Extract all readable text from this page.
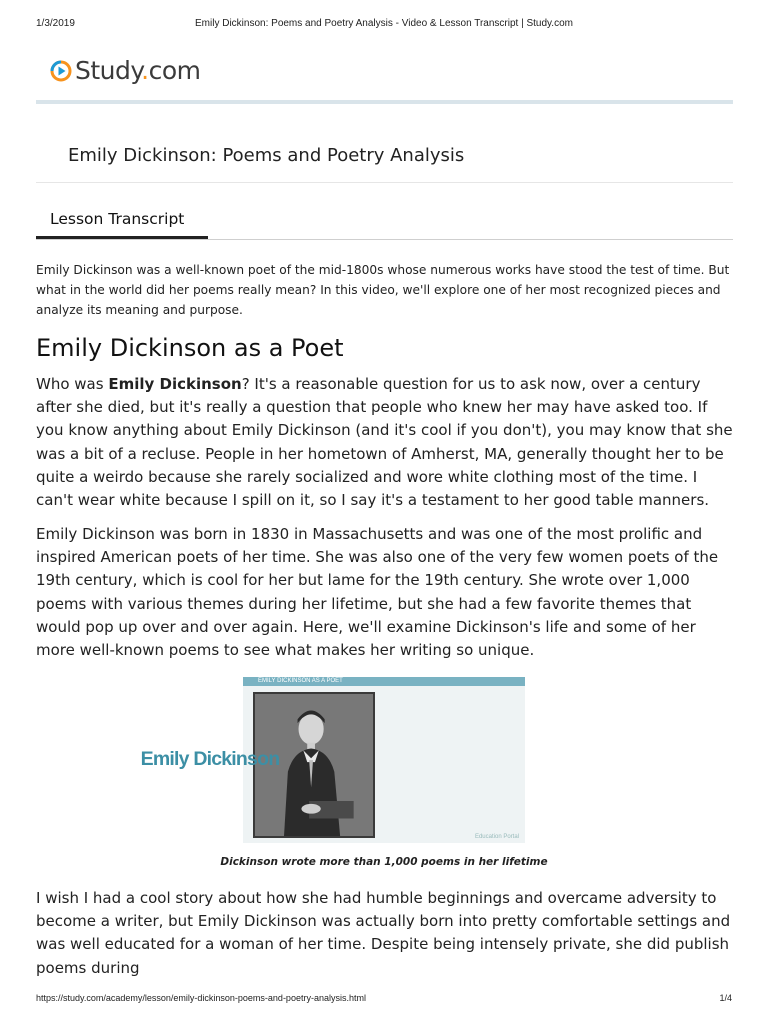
1/3/2019	Emily Dickinson: Poems and Poetry Analysis - Video & Lesson Transcript | Study.com
Study.com
Emily Dickinson: Poems and Poetry Analysis
Lesson Transcript

Emily Dickinson was a well-known poet of the mid-1800s whose numerous works have stood the test of time. But what in the world did her poems really mean? In this video, we'll explore one of her most recognized pieces and analyze its meaning and purpose.

Emily Dickinson as a Poet

Who was Emily Dickinson? It's a reasonable question for us to ask now, over a century after she died, but it's really a question that people who knew her may have asked too. If you know anything about Emily Dickinson (and it's cool if you don't), you may know that she was a bit of a recluse. People in her hometown of Amherst, MA, generally thought her to be quite a weirdo because she rarely socialized and wore white clothing most of the time. I can't wear white because I spill on it, so I say it's a testament to her good table manners.

Emily Dickinson was born in 1830 in Massachusetts and was one of the most prolific and inspired American poets of her time. She was also one of the very few women poets of the 19th century, which is cool for her but lame for the 19th century. She wrote over 1,000 poems with various themes during her lifetime, but she had a few favorite themes that would pop up over and over again. Here, we'll examine Dickinson's life and some of her more well-known poems to see what makes her writing so unique.

EMILY DICKINSON AS A POET
Education Portal
Emily Dickinson
Dickinson wrote more than 1,000 poems in her lifetime

I wish I had a cool story about how she had humble beginnings and overcame adversity to become a writer, but Emily Dickinson was actually born into pretty comfortable settings and was well educated for a woman of her time. Despite being intensely private, she did publish poems during

https://study.com/academy/lesson/emily-dickinson-poems-and-poetry-analysis.html	1/4
